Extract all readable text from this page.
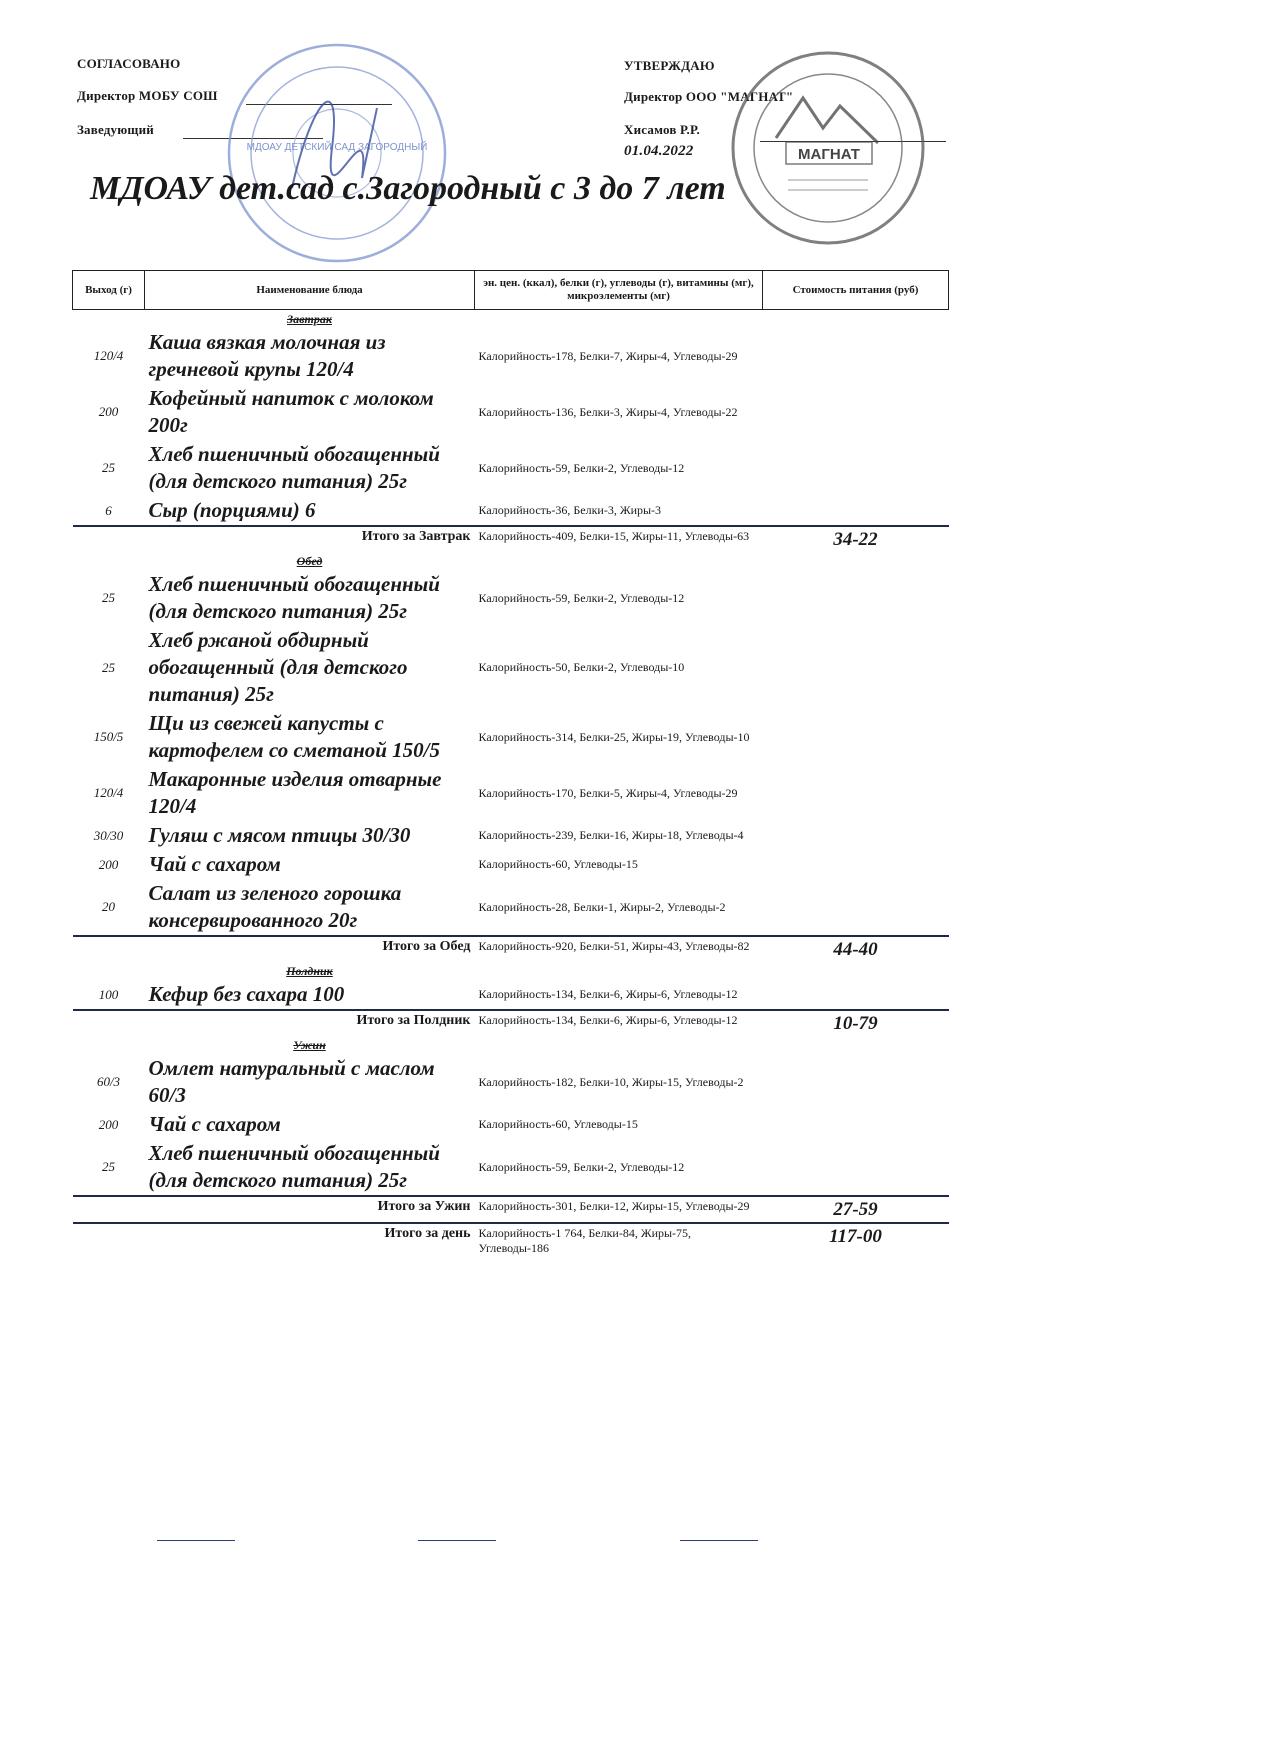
СОГЛАСОВАНО
Директор МОБУ СОШ
Заведующий
УТВЕРЖДАЮ
Директор ООО "МАГНАТ"
Хисамов Р.Р.
01.04.2022
МДОАУ ДЕТСКИЙ САД ЗАГОРОДНЫЙ	МАГНАТ
МДОАУ дет.сад с.Загородный с 3 до 7 лет
Выход (г)	Наименование блюда	эн. цен. (ккал), белки (г), углеводы (г), витамины (мг), микроэлементы (мг)	Стоимость питания (руб)
	Завтрак		
120/4	Каша вязкая молочная из гречневой крупы 120/4	Калорийность-178, Белки-7, Жиры-4, Углеводы-29	
200	Кофейный напиток с молоком 200г	Калорийность-136, Белки-3, Жиры-4, Углеводы-22	
25	Хлеб пшеничный обогащенный (для детского питания) 25г	Калорийность-59, Белки-2, Углеводы-12	
6	Сыр (порциями) 6	Калорийность-36, Белки-3, Жиры-3	
Итого за Завтрак		Калорийность-409, Белки-15, Жиры-11, Углеводы-63	34-22
	Обед		
25	Хлеб пшеничный обогащенный (для детского питания) 25г	Калорийность-59, Белки-2, Углеводы-12	
25	Хлеб ржаной обдирный обогащенный (для детского питания) 25г	Калорийность-50, Белки-2, Углеводы-10	
150/5	Щи из свежей капусты с картофелем со сметаной 150/5	Калорийность-314, Белки-25, Жиры-19, Углеводы-10	
120/4	Макаронные изделия отварные 120/4	Калорийность-170, Белки-5, Жиры-4, Углеводы-29	
30/30	Гуляш с мясом птицы 30/30	Калорийность-239, Белки-16, Жиры-18, Углеводы-4	
200	Чай с сахаром	Калорийность-60, Углеводы-15	
20	Салат из зеленого горошка консервированного 20г	Калорийность-28, Белки-1, Жиры-2, Углеводы-2	
Итого за Обед		Калорийность-920, Белки-51, Жиры-43, Углеводы-82	44-40
	Полдник		
100	Кефир без сахара 100	Калорийность-134, Белки-6, Жиры-6, Углеводы-12	
Итого за Полдник		Калорийность-134, Белки-6, Жиры-6, Углеводы-12	10-79
	Ужин		
60/3	Омлет натуральный с маслом 60/3	Калорийность-182, Белки-10, Жиры-15, Углеводы-2	
200	Чай с сахаром	Калорийность-60, Углеводы-15	
25	Хлеб пшеничный обогащенный (для детского питания) 25г	Калорийность-59, Белки-2, Углеводы-12	
Итого за Ужин		Калорийность-301, Белки-12, Жиры-15, Углеводы-29	27-59
Итого за день		Калорийность-1 764, Белки-84, Жиры-75, Углеводы-186	117-00
